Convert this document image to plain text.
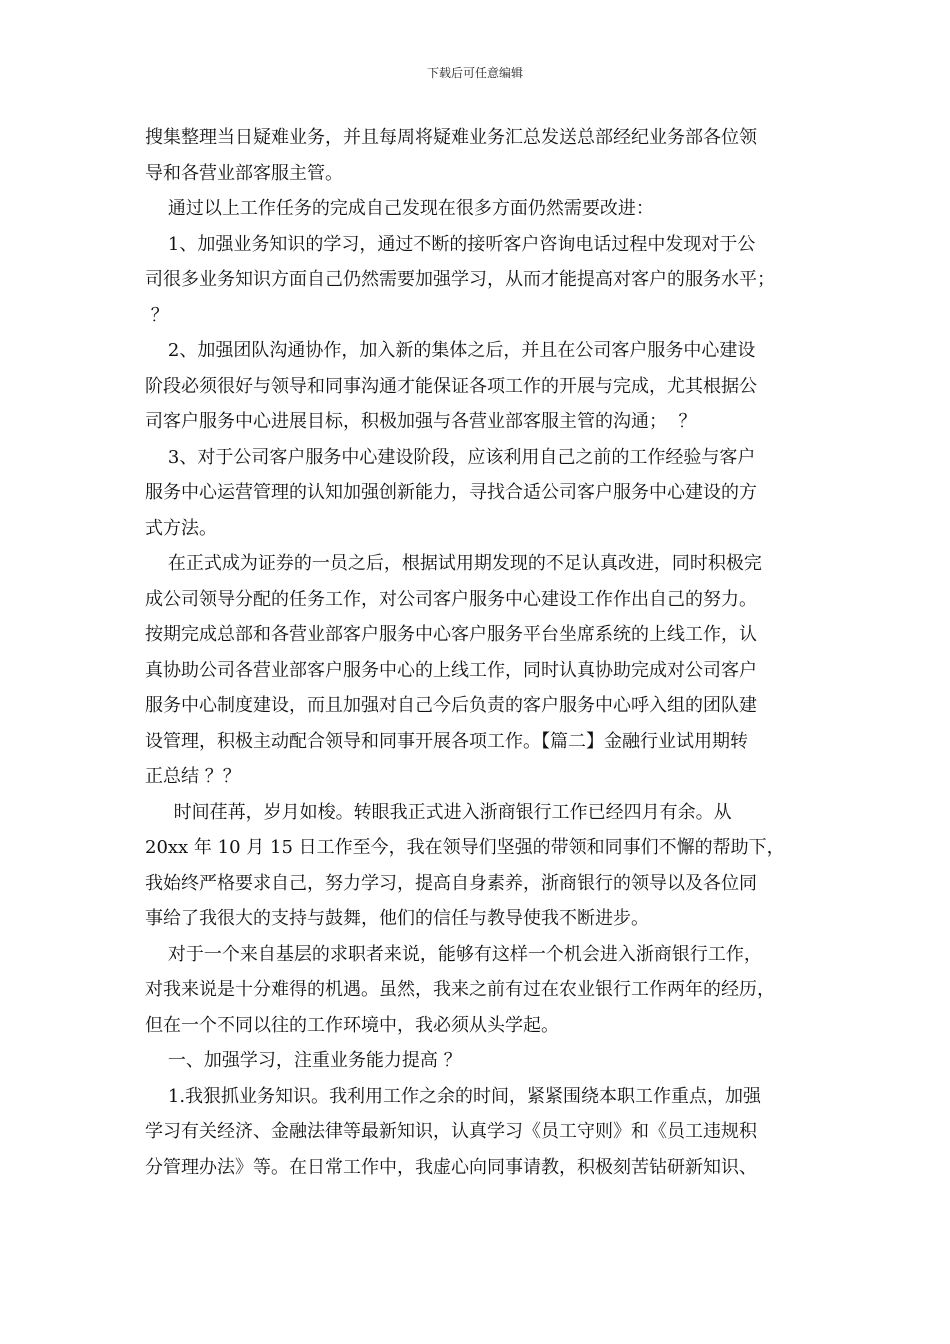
下载后可任意编辑
搜集整理当日疑难业务，并且每周将疑难业务汇总发送总部经纪业务部各位领
导和各营业部客服主管。
通过以上工作任务的完成自己发现在很多方面仍然需要改进：
1、加强业务知识的学习，通过不断的接听客户咨询电话过程中发现对于公
司很多业务知识方面自己仍然需要加强学习，从而才能提高对客户的服务水平；
？
2、加强团队沟通协作，加入新的集体之后，并且在公司客户服务中心建设
阶段必须很好与领导和同事沟通才能保证各项工作的开展与完成，尤其根据公
司客户服务中心进展目标，积极加强与各营业部客服主管的沟通；  ？
3、对于公司客户服务中心建设阶段，应该利用自己之前的工作经验与客户
服务中心运营管理的认知加强创新能力，寻找合适公司客户服务中心建设的方
式方法。
在正式成为证券的一员之后，根据试用期发现的不足认真改进，同时积极完
成公司领导分配的任务工作，对公司客户服务中心建设工作作出自己的努力。
按期完成总部和各营业部客户服务中心客户服务平台坐席系统的上线工作，认
真协助公司各营业部客户服务中心的上线工作，同时认真协助完成对公司客户
服务中心制度建设，而且加强对自己今后负责的客户服务中心呼入组的团队建
设管理，积极主动配合领导和同事开展各项工作。【篇二】金融行业试用期转
正总结 ？？
时间荏苒，岁月如梭。转眼我正式进入浙商银行工作已经四月有余。从
20xx 年 10 月 15 日工作至今，我在领导们坚强的带领和同事们不懈的帮助下，
我始终严格要求自己，努力学习，提高自身素养，浙商银行的领导以及各位同
事给了我很大的支持与鼓舞，他们的信任与教导使我不断进步。
对于一个来自基层的求职者来说，能够有这样一个机会进入浙商银行工作，
对我来说是十分难得的机遇。虽然，我来之前有过在农业银行工作两年的经历，
但在一个不同以往的工作环境中，我必须从头学起。
一、加强学习，注重业务能力提高 ？
1.我狠抓业务知识。我利用工作之余的时间，紧紧围绕本职工作重点，加强
学习有关经济、金融法律等最新知识，认真学习《员工守则》和《员工违规积
分管理办法》等。在日常工作中，我虚心向同事请教，积极刻苦钻研新知识、
